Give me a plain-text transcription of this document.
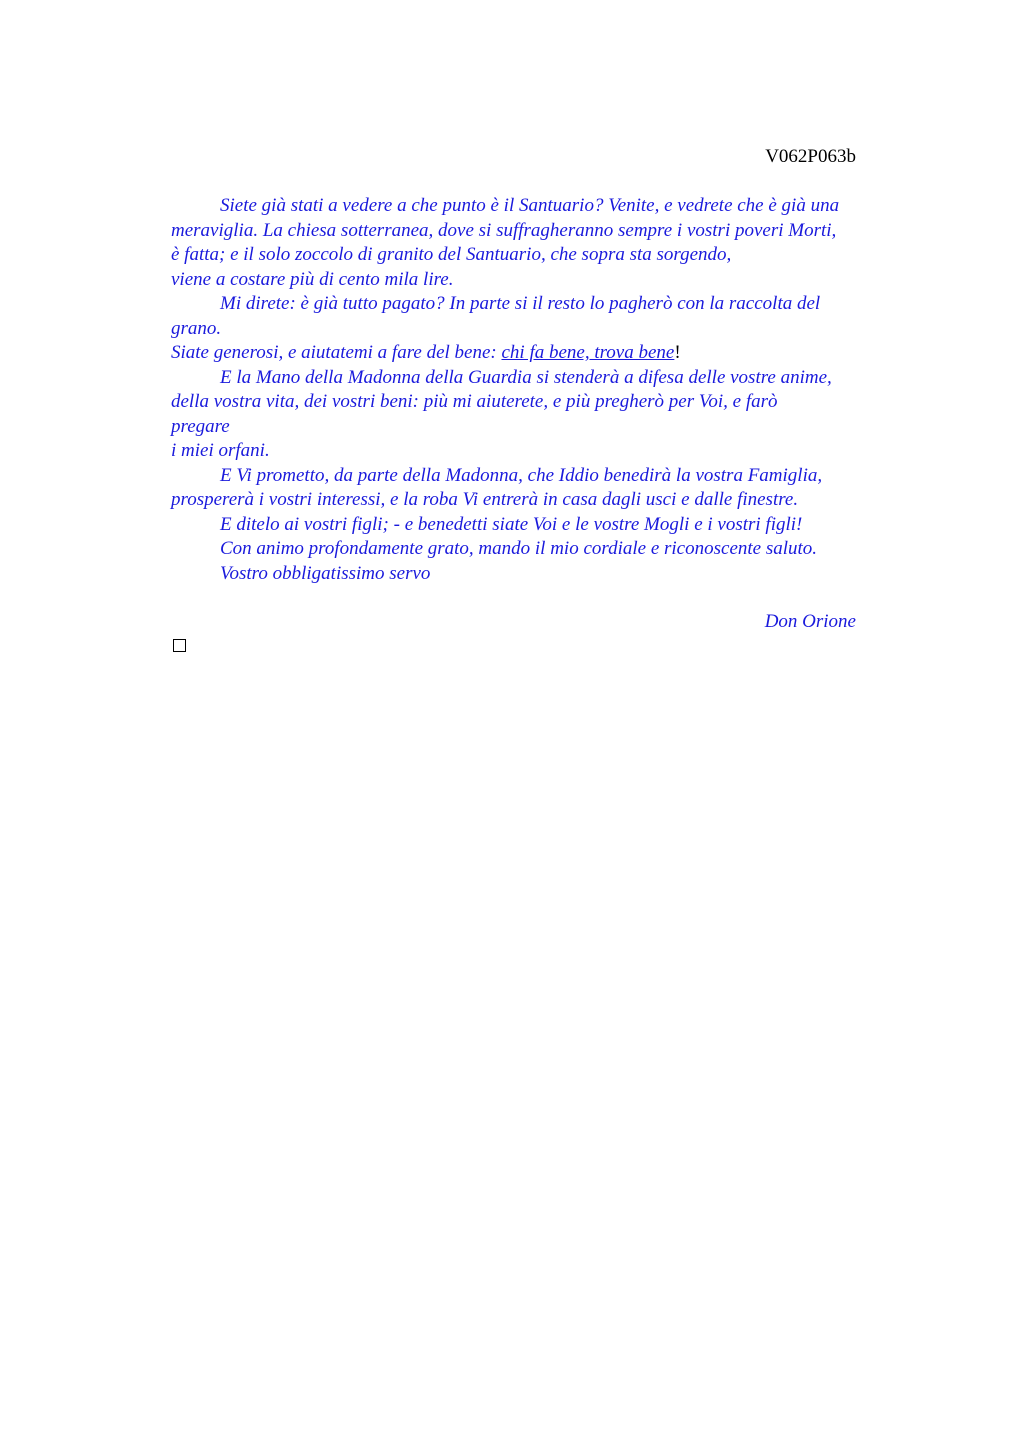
V062P063b
Siete già stati a vedere a che punto è il Santuario? Venite, e vedrete che è già una
meraviglia. La chiesa sotterranea, dove si suffragheranno sempre i vostri poveri Morti,
è fatta; e il solo zoccolo di granito del Santuario, che sopra sta sorgendo,
viene a costare più di cento mila lire.
Mi direte: è già tutto pagato? In parte si il resto lo pagherò con la raccolta del
grano.
Siate generosi, e aiutatemi a fare del bene: chi fa bene, trova bene!
E la Mano della Madonna della Guardia si stenderà a difesa delle vostre anime,
della vostra vita, dei vostri beni: più mi aiuterete, e più pregherò per Voi, e farò
pregare
i miei orfani.
E Vi prometto, da parte della Madonna, che Iddio benedirà la vostra Famiglia,
prospererà i vostri interessi, e la roba Vi entrerà in casa dagli usci e dalle finestre.
E ditelo ai vostri figli; - e benedetti siate Voi e le vostre Mogli e i vostri figli!
Con animo profondamente grato, mando il mio cordiale e riconoscente saluto.
Vostro obbligatissimo servo
Don Orione
